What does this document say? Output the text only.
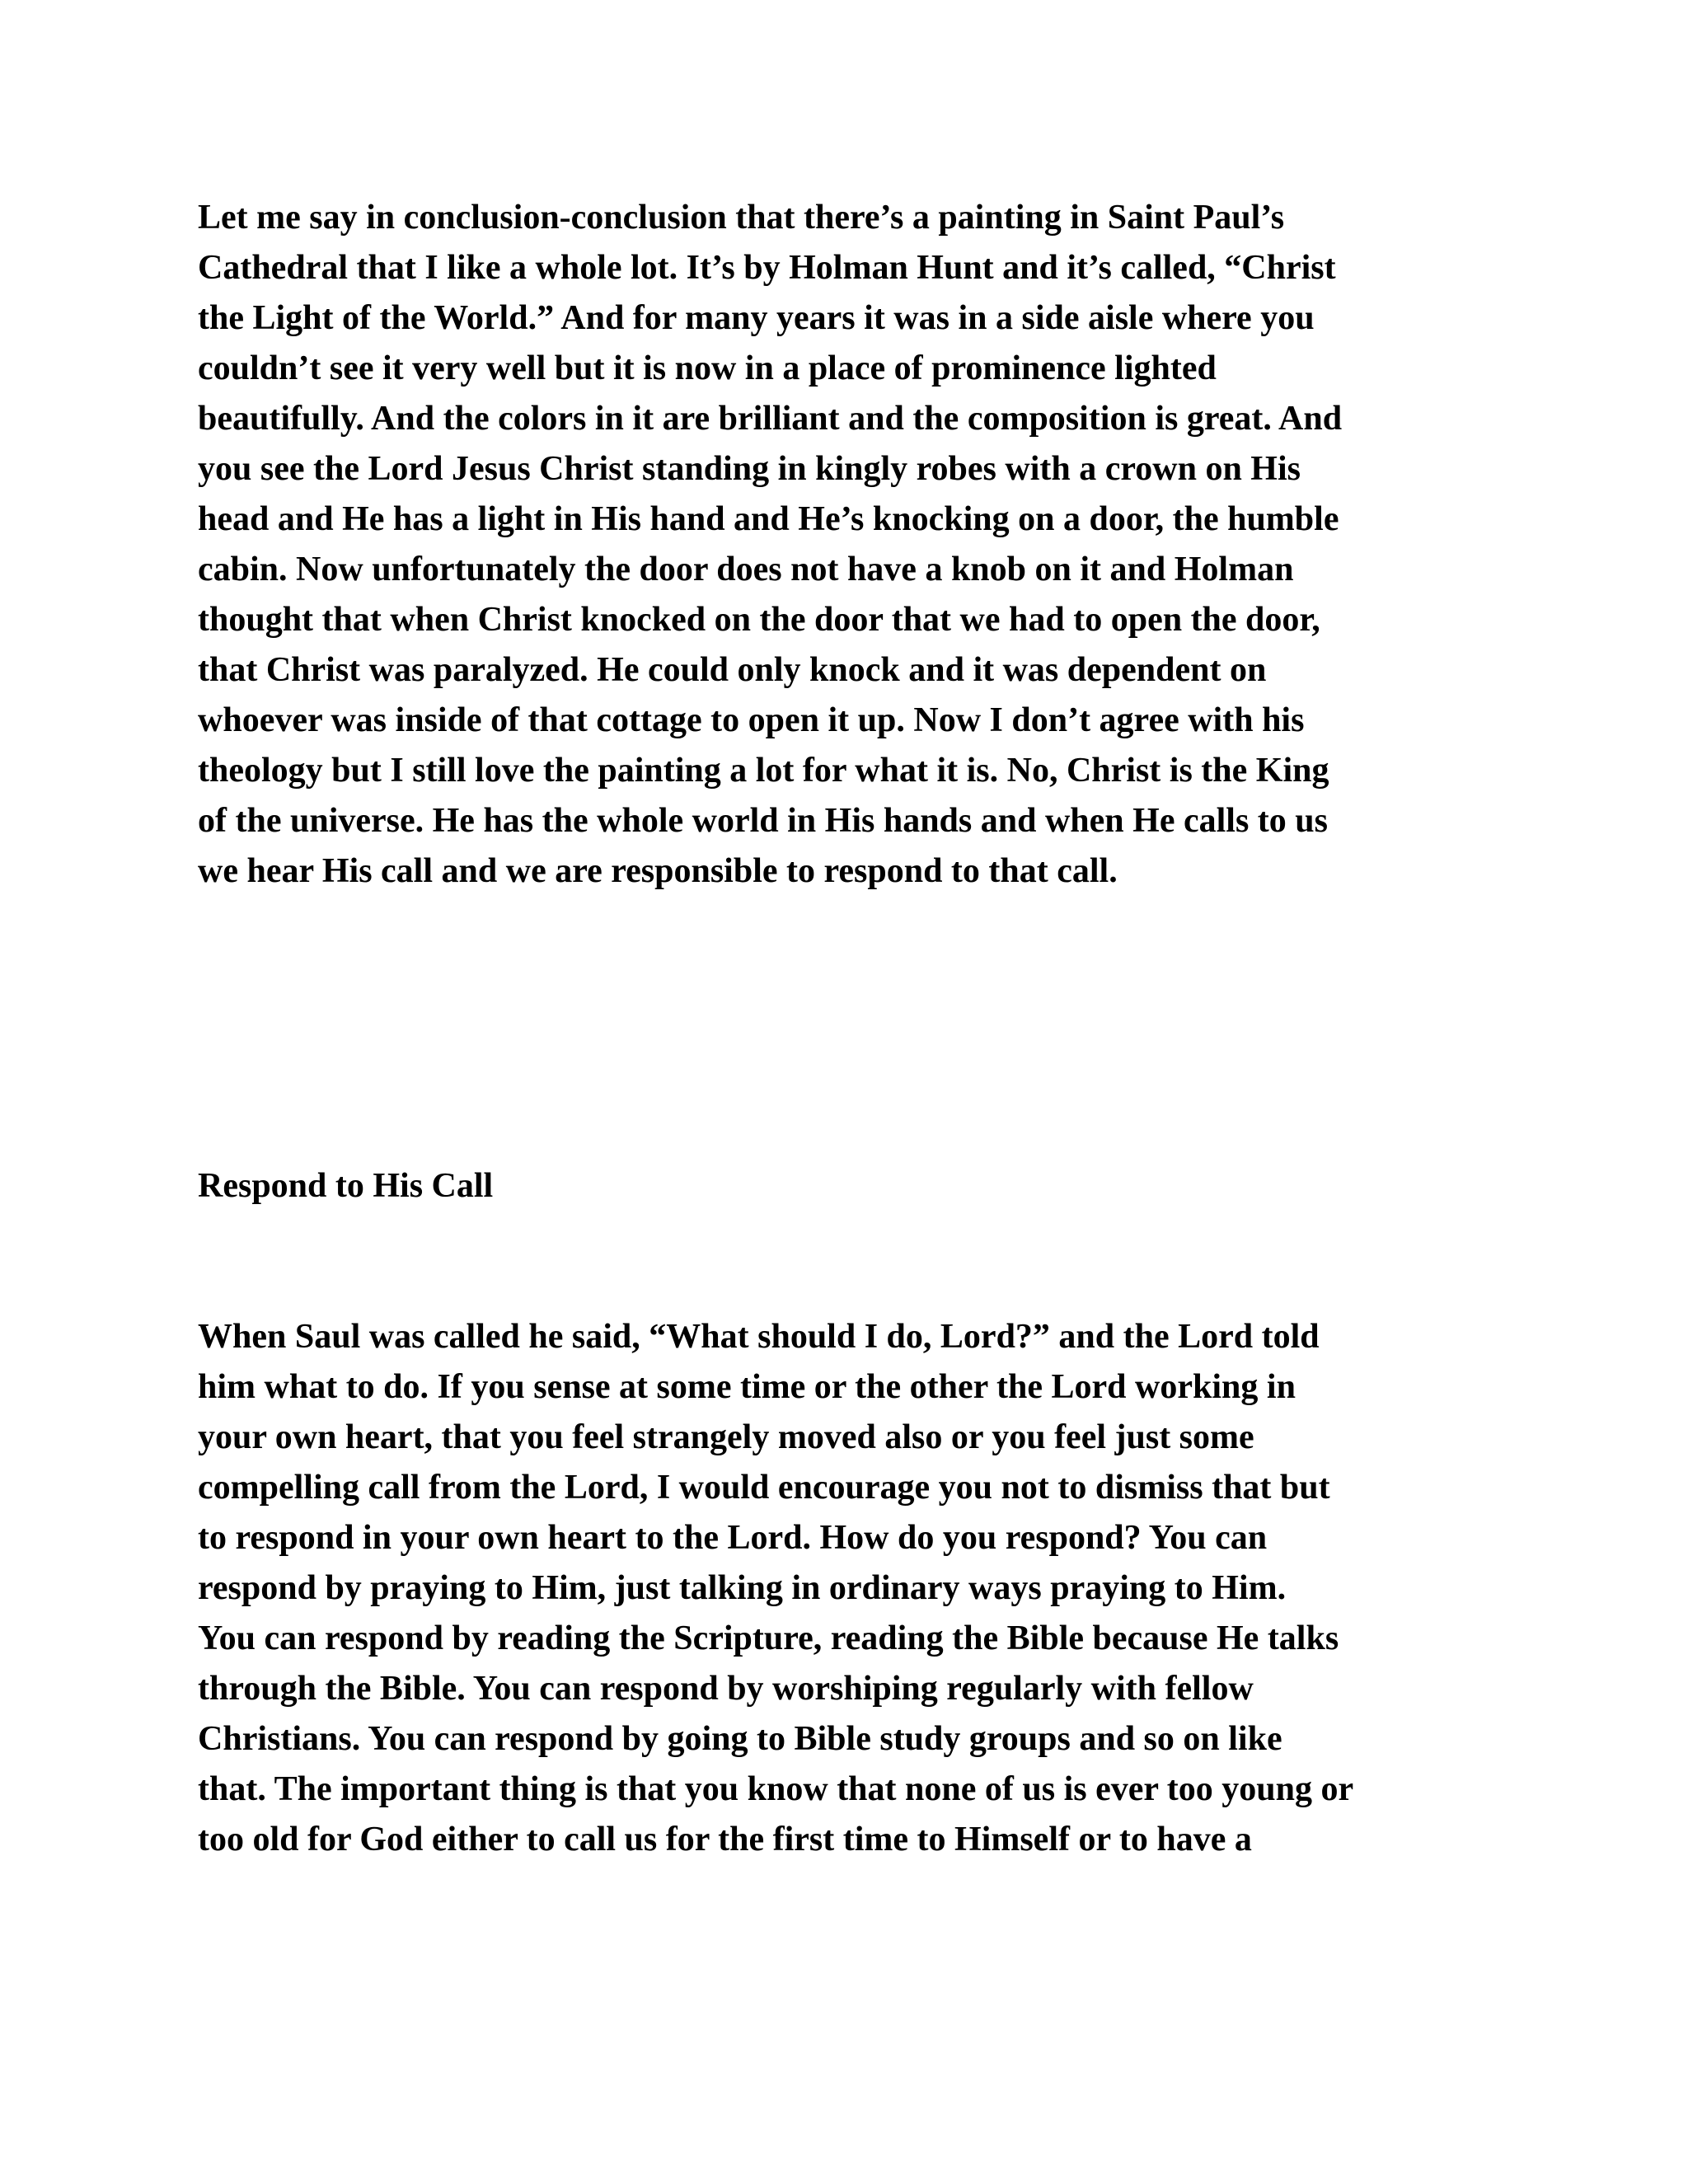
Let me say in conclusion-conclusion that there’s a painting in Saint Paul’s

Cathedral that I like a whole lot. It’s by Holman Hunt and it’s called, “Christ

the Light of the World.” And for many years it was in a side aisle where you

couldn’t see it very well but it is now in a place of prominence lighted

beautifully. And the colors in it are brilliant and the composition is great. And

you see the Lord Jesus Christ standing in kingly robes with a crown on His

head and He has a light in His hand and He’s knocking on a door, the humble

cabin. Now unfortunately the door does not have a knob on it and Holman

thought that when Christ knocked on the door that we had to open the door,

that Christ was paralyzed. He could only knock and it was dependent on

whoever was inside of that cottage to open it up. Now I don’t agree with his

theology but I still love the painting a lot for what it is. No, Christ is the King

of the universe. He has the whole world in His hands and when He calls to us

we hear His call and we are responsible to respond to that call.

Respond to His Call

When Saul was called he said, “What should I do, Lord?” and the Lord told

him what to do. If you sense at some time or the other the Lord working in

your own heart, that you feel strangely moved also or you feel just some

compelling call from the Lord, I would encourage you not to dismiss that but

to respond in your own heart to the Lord. How do you respond? You can

respond by praying to Him, just talking in ordinary ways praying to Him.

You can respond by reading the Scripture, reading the Bible because He talks

through the Bible. You can respond by worshiping regularly with fellow

Christians. You can respond by going to Bible study groups and so on like

that. The important thing is that you know that none of us is ever too young or

too old for God either to call us for the first time to Himself or to have a
